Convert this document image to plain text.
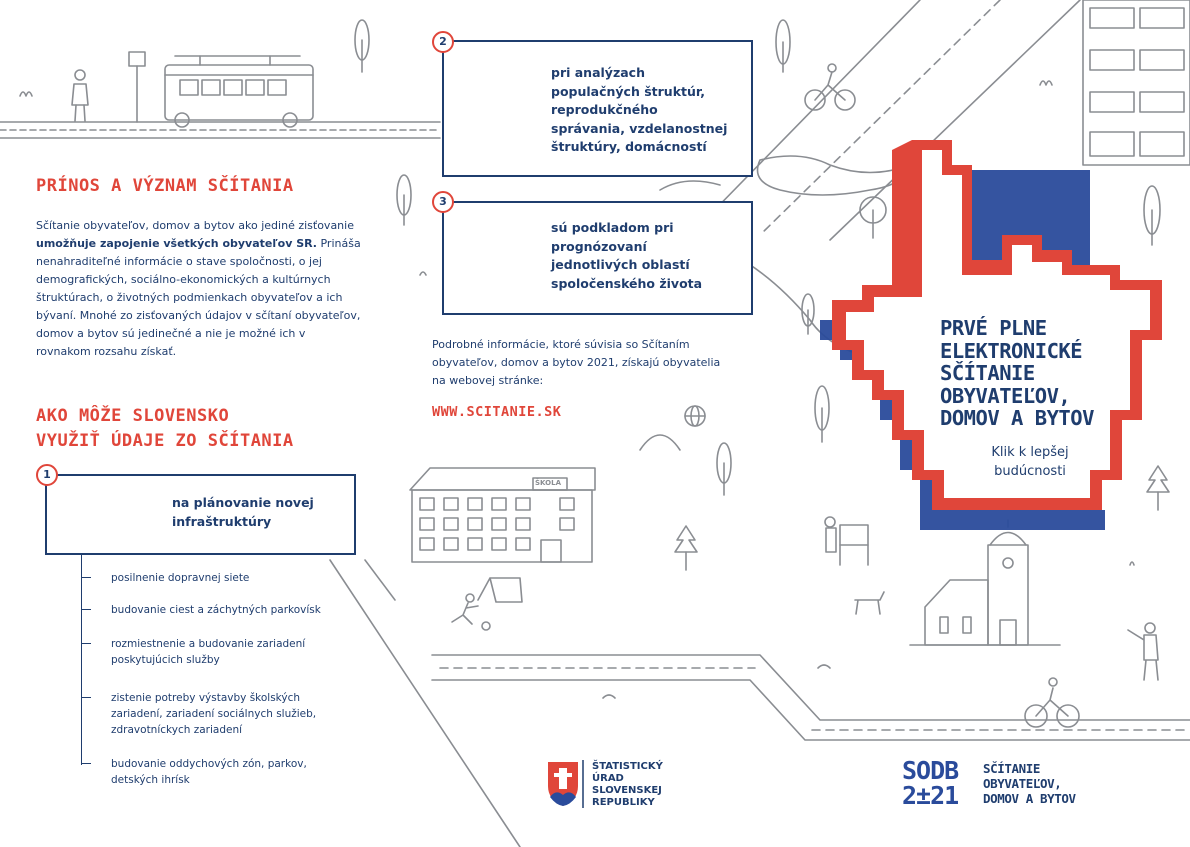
PRÍNOS A VÝZNAM SČÍTANIA
Sčítanie obyvateľov, domov a bytov ako jediné zisťovanie umožňuje zapojenie všetkých obyvateľov SR. Prináša nenahraditeľné informácie o stave spoločnosti, o jej demografických, sociálno-ekonomických a kultúrnych štruktúrach, o životných podmienkach obyvateľov a ich bývaní. Mnohé zo zisťovaných údajov v sčítaní obyvateľov, domov a bytov sú jedinečné a nie je možné ich v rovnakom rozsahu získať.
AKO MÔŽE SLOVENSKO
VYUŽIŤ ÚDAJE ZO SČÍTANIA
1
na plánovanie novej
infraštruktúry
posilnenie dopravnej siete
budovanie ciest a záchytných parkovísk
rozmiestnenie a budovanie zariadení
poskytujúcich služby
zistenie potreby výstavby školských
zariadení, zariadení sociálnych služieb,
zdravotníckych zariadení
budovanie oddychových zón, parkov,
detských ihrísk
2
pri analýzach
populačných štruktúr,
reprodukčného
správania, vzdelanostnej
štruktúry, domácností
3
sú podkladom pri
prognózovaní
jednotlivých oblastí
spoločenského života
Podrobné informácie, ktoré súvisia so Sčítaním
obyvateľov, domov a bytov 2021, získajú obyvatelia
na webovej stránke:
WWW.SCITANIE.SK
ŠKOLA
PRVÉ PLNE
ELEKTRONICKÉ
SČÍTANIE
OBYVATEĽOV,
DOMOV A BYTOV
Klik k lepšej
budúcnosti
ŠTATISTICKÝ
ÚRAD
SLOVENSKEJ
REPUBLIKY
SODB
2±21
SČÍTANIE
OBYVATEĽOV,
DOMOV A BYTOV
